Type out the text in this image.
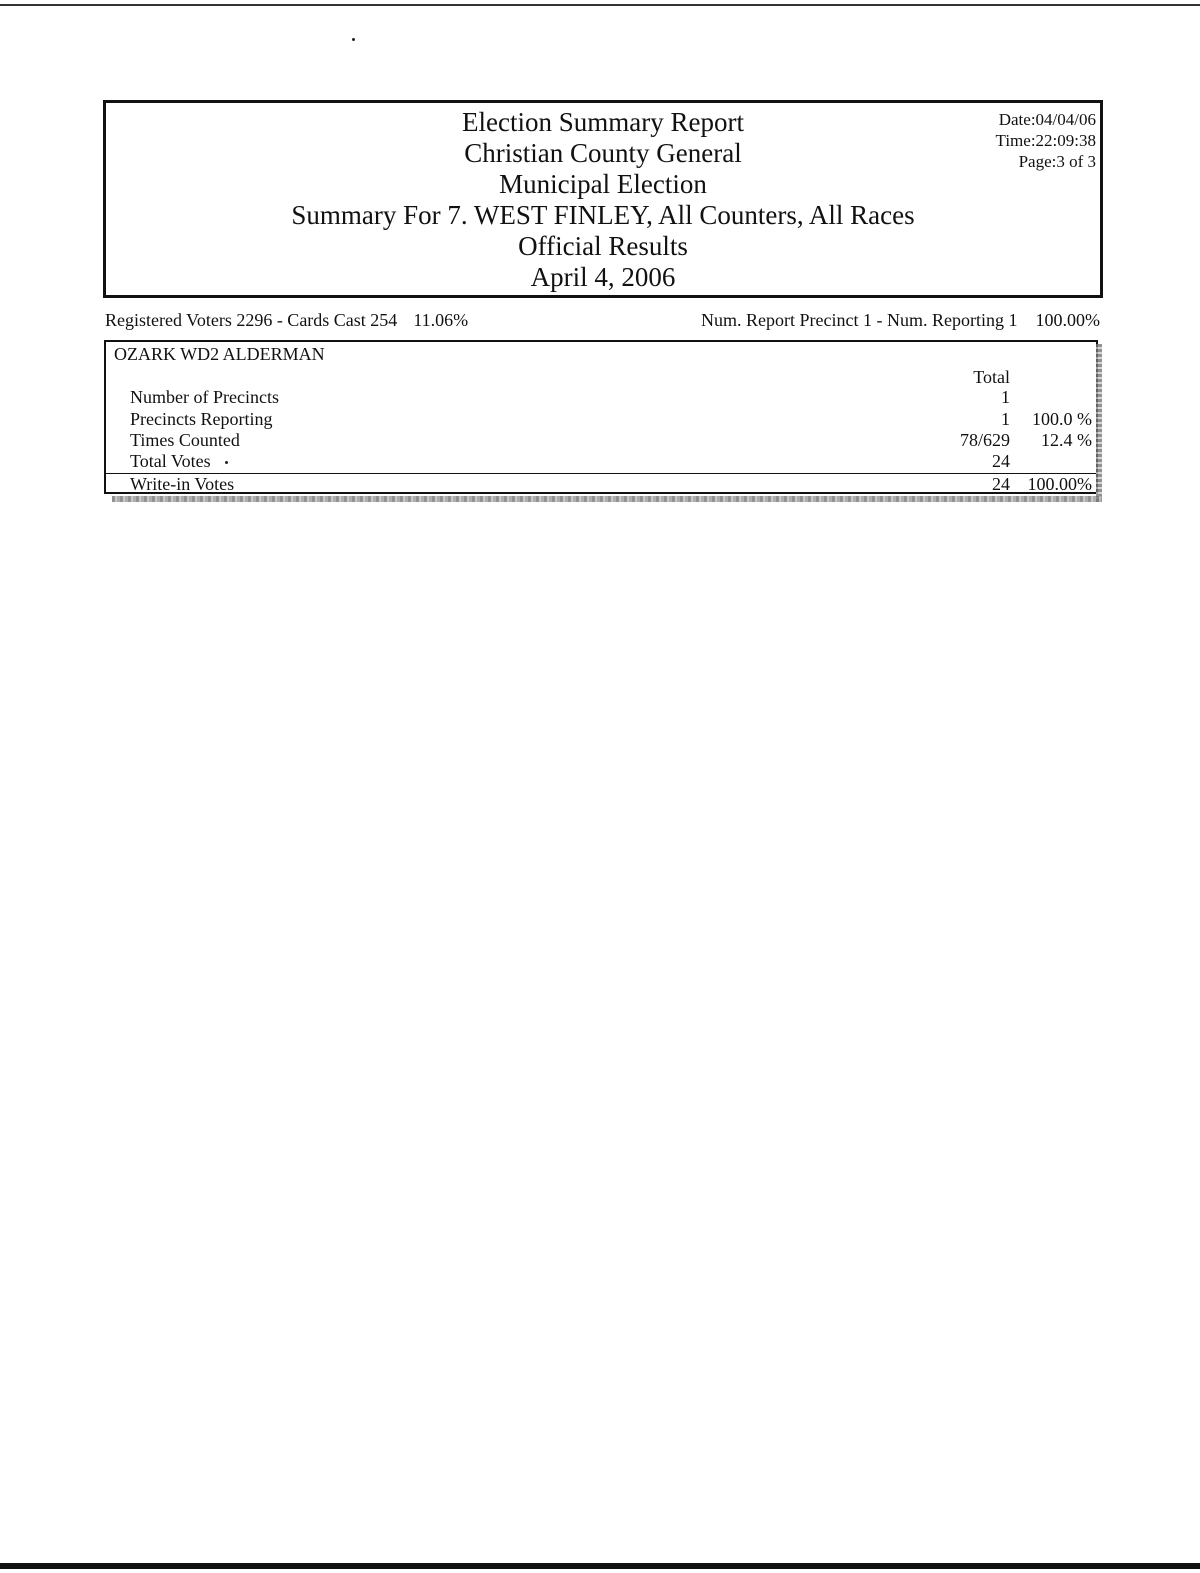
Election Summary Report
Christian County General
Municipal Election
Summary For 7. WEST FINLEY, All Counters, All Races
Official Results
April 4, 2006
Date:04/04/06
Time:22:09:38
Page:3 of 3
Registered Voters 2296 - Cards Cast 254 11.06%	Num. Report Precinct 1 - Num. Reporting 1 100.00%
OZARK WD2 ALDERMAN
Total
Number of Precincts	1
Precincts Reporting	1	100.0 %
Times Counted	78/629	12.4 %
Total Votes	24
Write-in Votes	24 100.00%
